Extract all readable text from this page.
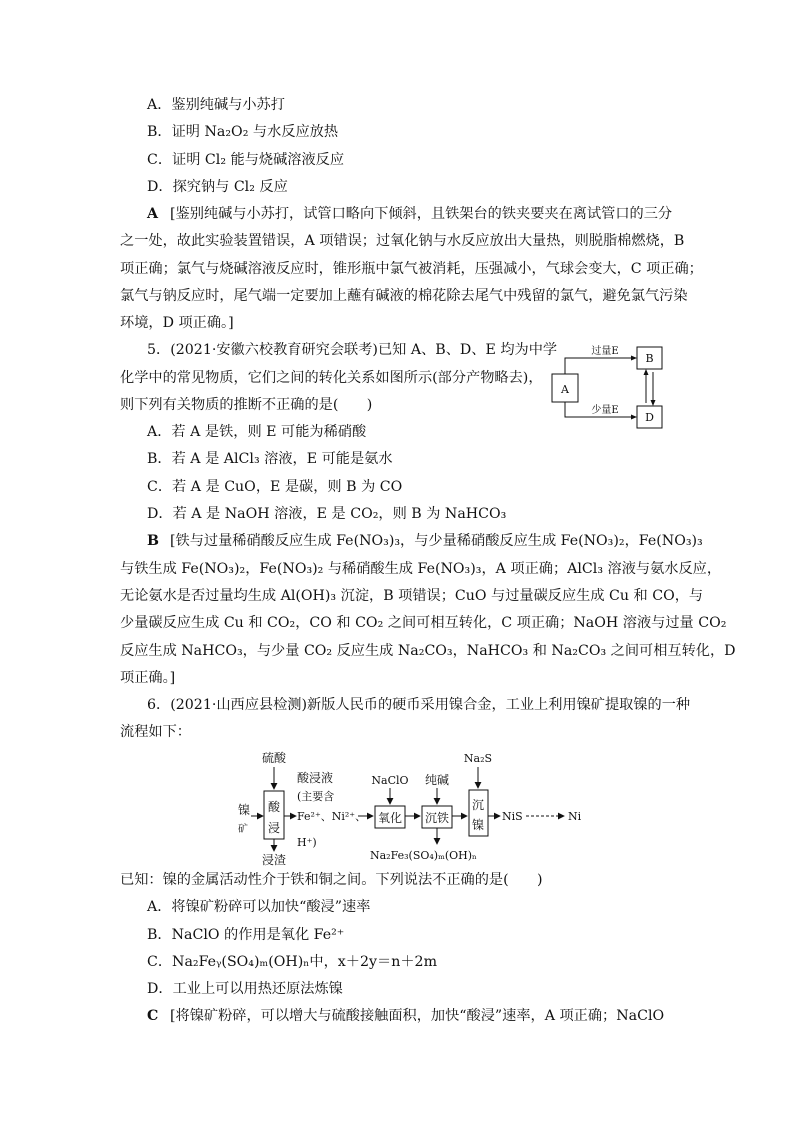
A．鉴别纯碱与小苏打
B．证明 Na₂O₂ 与水反应放热
C．证明 Cl₂ 能与烧碱溶液反应
D．探究钠与 Cl₂ 反应
A [鉴别纯碱与小苏打，试管口略向下倾斜，且铁架台的铁夹要夹在离试管口的三分
之一处，故此实验装置错误，A 项错误；过氧化钠与水反应放出大量热，则脱脂棉燃烧，B
项正确；氯气与烧碱溶液反应时，锥形瓶中氯气被消耗，压强减小，气球会变大，C 项正确；
氯气与钠反应时，尾气端一定要加上蘸有碱液的棉花除去尾气中残留的氯气，避免氯气污染
环境，D 项正确。]
5．(2021·安徽六校教育研究会联考)已知 A、B、D、E 均为中学
化学中的常见物质，它们之间的转化关系如图所示(部分产物略去)，
则下列有关物质的推断不正确的是(　　)
A
B
D
过量E
少量E
A．若 A 是铁，则 E 可能为稀硝酸
B．若 A 是 AlCl₃ 溶液，E 可能是氨水
C．若 A 是 CuO，E 是碳，则 B 为 CO
D．若 A 是 NaOH 溶液，E 是 CO₂，则 B 为 NaHCO₃
B [铁与过量稀硝酸反应生成 Fe(NO₃)₃，与少量稀硝酸反应生成 Fe(NO₃)₂，Fe(NO₃)₃
与铁生成 Fe(NO₃)₂，Fe(NO₃)₂ 与稀硝酸生成 Fe(NO₃)₃，A 项正确；AlCl₃ 溶液与氨水反应，
无论氨水是否过量均生成 Al(OH)₃ 沉淀，B 项错误；CuO 与过量碳反应生成 Cu 和 CO，与
少量碳反应生成 Cu 和 CO₂，CO 和 CO₂ 之间可相互转化，C 项正确；NaOH 溶液与过量 CO₂
反应生成 NaHCO₃，与少量 CO₂ 反应生成 Na₂CO₃，NaHCO₃ 和 Na₂CO₃ 之间可相互转化，D
项正确。]
6．(2021·山西应县检测)新版人民币的硬币采用镍合金，工业上利用镍矿提取镍的一种
流程如下：
镍
矿
硫酸
酸
浸
浸渣
酸浸液
(主要含
Fe²⁺、Ni²⁺、
H⁺)
NaClO
氧化
纯碱
沉铁
Na₂Fe₃(SO₄)ₘ(OH)ₙ
Na₂S
沉
镍
NiS	Ni
已知：镍的金属活动性介于铁和铜之间。下列说法不正确的是(　　)
A．将镍矿粉碎可以加快“酸浸”速率
B．NaClO 的作用是氧化 Fe²⁺
C．Na₂Feᵧ(SO₄)ₘ(OH)ₙ中，x＋2y＝n＋2m
D．工业上可以用热还原法炼镍
C [将镍矿粉碎，可以增大与硫酸接触面积，加快“酸浸”速率，A 项正确；NaClO
